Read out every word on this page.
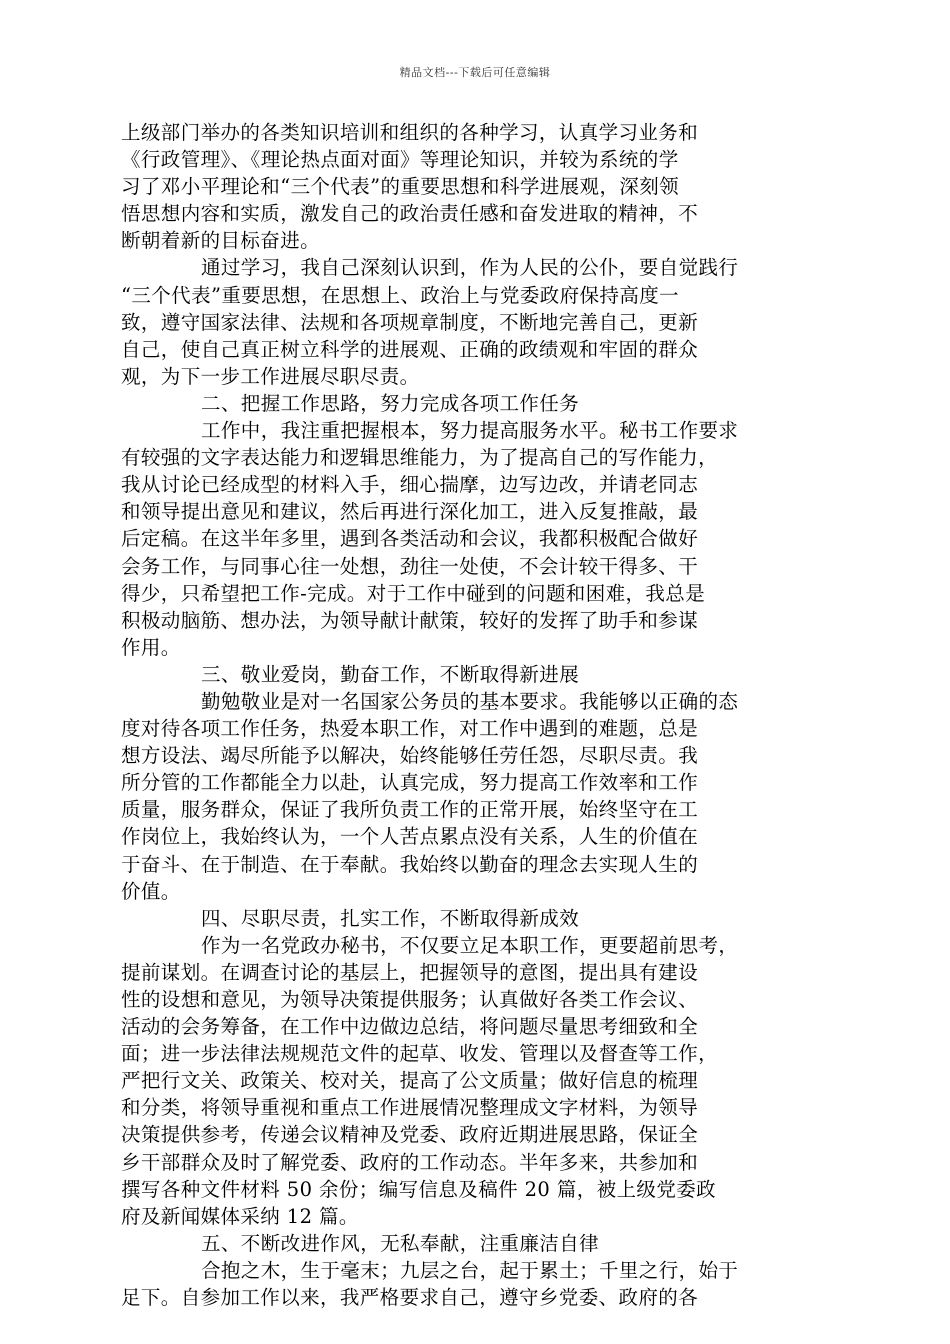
精品文档---下载后可任意编辑
上级部门举办的各类知识培训和组织的各种学习，认真学习业务和
《行政管理》、《理论热点面对面》等理论知识，并较为系统的学
习了邓小平理论和“三个代表”的重要思想和科学进展观，深刻领
悟思想内容和实质，激发自己的政治责任感和奋发进取的精神，不
断朝着新的目标奋进。
通过学习，我自己深刻认识到，作为人民的公仆，要自觉践行
“三个代表”重要思想，在思想上、政治上与党委政府保持高度一
致，遵守国家法律、法规和各项规章制度，不断地完善自己，更新
自己，使自己真正树立科学的进展观、正确的政绩观和牢固的群众
观，为下一步工作进展尽职尽责。
二、把握工作思路，努力完成各项工作任务
工作中，我注重把握根本，努力提高服务水平。秘书工作要求
有较强的文字表达能力和逻辑思维能力，为了提高自己的写作能力，
我从讨论已经成型的材料入手，细心揣摩，边写边改，并请老同志
和领导提出意见和建议，然后再进行深化加工，进入反复推敲，最
后定稿。在这半年多里，遇到各类活动和会议，我都积极配合做好
会务工作，与同事心往一处想，劲往一处使，不会计较干得多、干
得少，只希望把工作-完成。对于工作中碰到的问题和困难，我总是
积极动脑筋、想办法，为领导献计献策，较好的发挥了助手和参谋
作用。
三、敬业爱岗，勤奋工作，不断取得新进展
勤勉敬业是对一名国家公务员的基本要求。我能够以正确的态
度对待各项工作任务，热爱本职工作，对工作中遇到的难题，总是
想方设法、竭尽所能予以解决，始终能够任劳任怨，尽职尽责。我
所分管的工作都能全力以赴，认真完成，努力提高工作效率和工作
质量，服务群众，保证了我所负责工作的正常开展，始终坚守在工
作岗位上，我始终认为，一个人苦点累点没有关系，人生的价值在
于奋斗、在于制造、在于奉献。我始终以勤奋的理念去实现人生的
价值。
四、尽职尽责，扎实工作，不断取得新成效
作为一名党政办秘书，不仅要立足本职工作，更要超前思考，
提前谋划。在调查讨论的基层上，把握领导的意图，提出具有建设
性的设想和意见，为领导决策提供服务；认真做好各类工作会议、
活动的会务筹备，在工作中边做边总结，将问题尽量思考细致和全
面；进一步法律法规规范文件的起草、收发、管理以及督查等工作，
严把行文关、政策关、校对关，提高了公文质量；做好信息的梳理
和分类，将领导重视和重点工作进展情况整理成文字材料，为领导
决策提供参考，传递会议精神及党委、政府近期进展思路，保证全
乡干部群众及时了解党委、政府的工作动态。半年多来，共参加和
撰写各种文件材料 50 余份；编写信息及稿件 20 篇，被上级党委政
府及新闻媒体采纳 12 篇。
五、不断改进作风，无私奉献，注重廉洁自律
合抱之木，生于毫末；九层之台，起于累土；千里之行，始于
足下。自参加工作以来，我严格要求自己，遵守乡党委、政府的各
